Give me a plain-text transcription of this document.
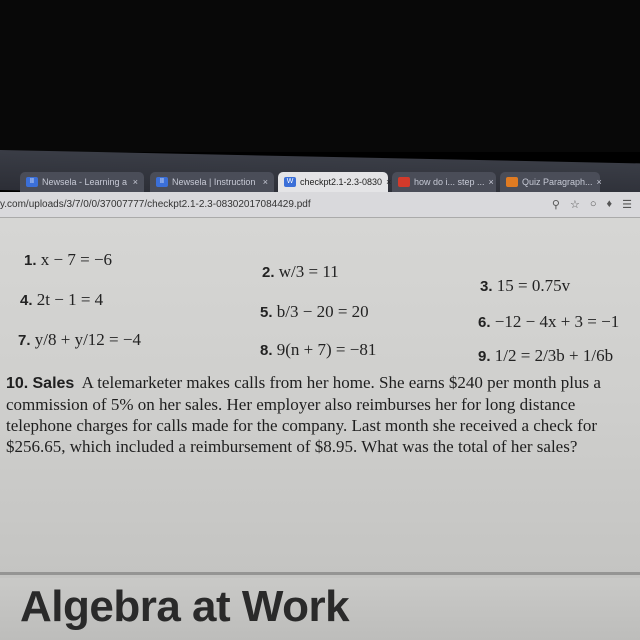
II Newsela - Learning a ×	II Newsela | Instruction ×	W checkpt2.1-2.3-0830 ×	how do i... step ... ×	Quiz Paragraph... ×
y.com/uploads/3/7/0/0/37007777/checkpt2.1-2.3-08302017084429.pdf	⚲ ☆ ○ ♦ ☰
1. x − 7 = −6
2. w/3 = 11
3. 15 = 0.75v
4. 2t − 1 = 4
5. b/3 − 20 = 20
6. −12 − 4x + 3 = −1
7. y/8 + y/12 = −4
8. 9(n + 7) = −81	9. 1/2 = 2/3b + 1/6b
10. Sales A telemarketer makes calls from her home. She earns $240 per month plus a commission of 5% on her sales. Her employer also reimburses her for long distance telephone charges for calls made for the company. Last month she received a check for $256.65, which included a reimbursement of $8.95. What was the total of her sales?
Algebra at Work
